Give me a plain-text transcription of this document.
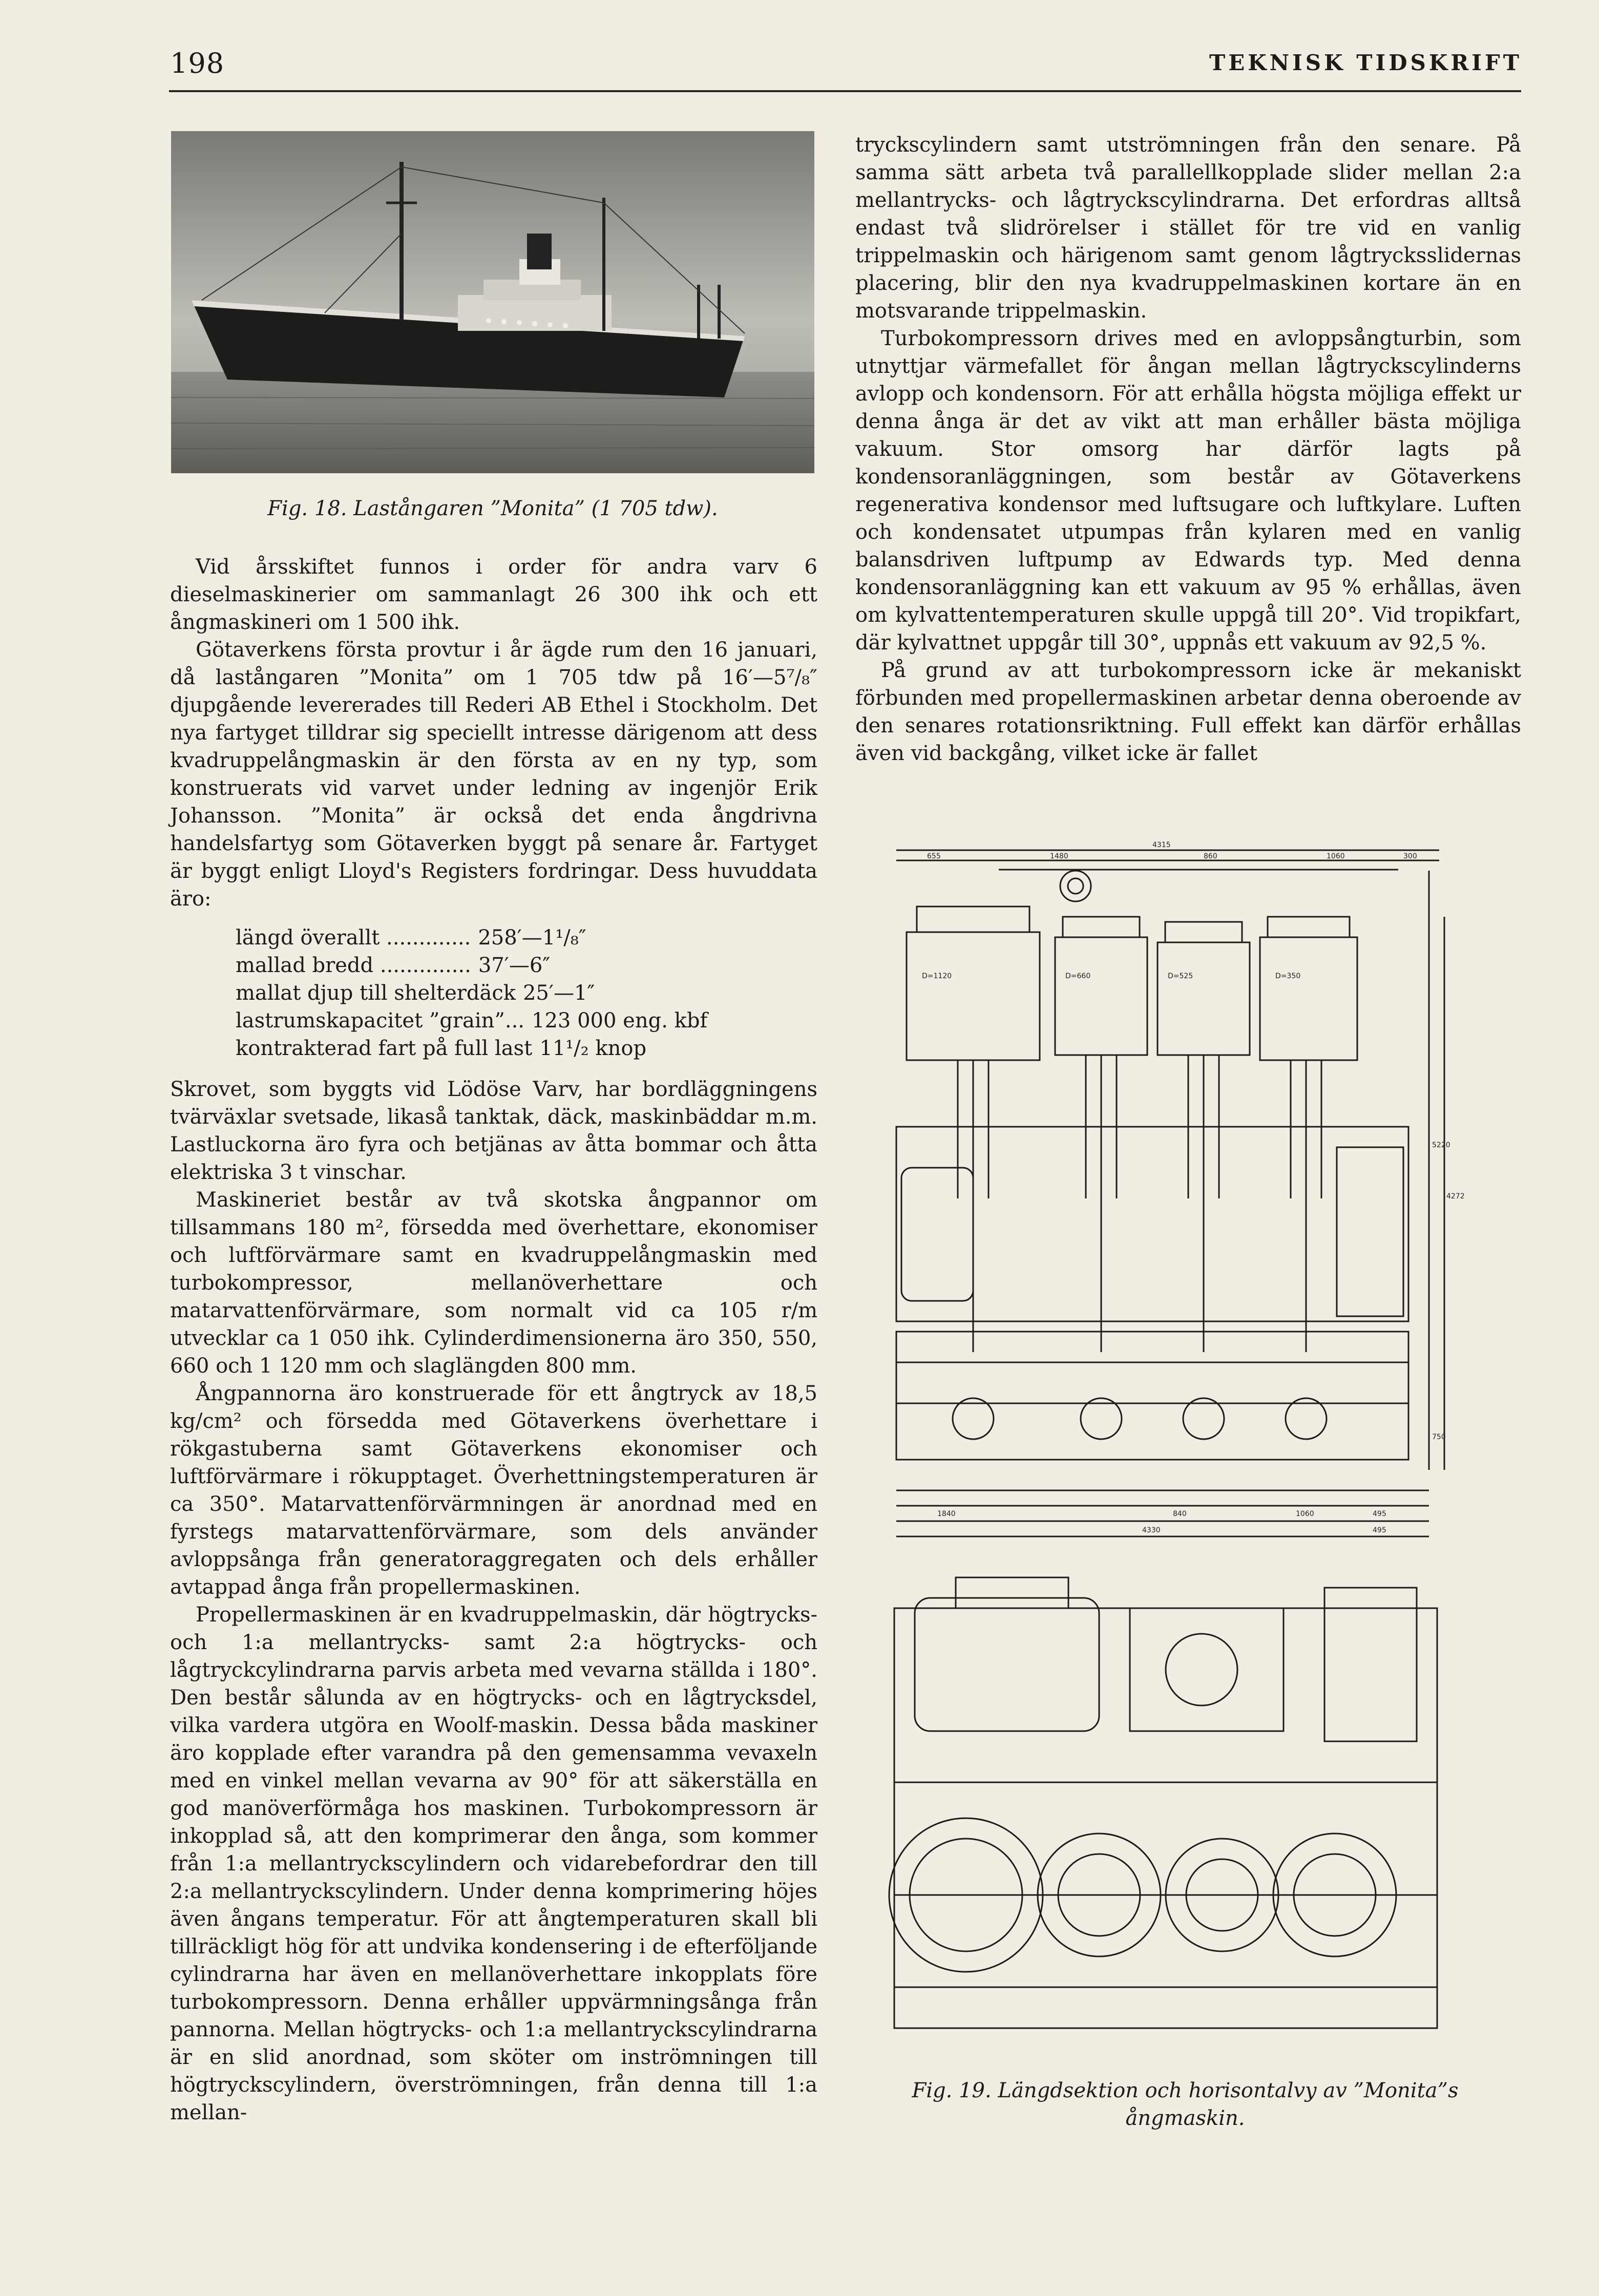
198	TEKNISK TIDSKRIFT
Fig. 18. Lastångaren ”Monita” (1 705 tdw).

Vid årsskiftet funnos i order för andra varv 6 dieselmaskinerier om sammanlagt 26 300 ihk och ett ångmaskineri om 1 500 ihk.

Götaverkens första provtur i år ägde rum den 16 januari, då lastångaren ”Monita” om 1 705 tdw på 16′—5⁷/₈″ djupgående levererades till Rederi AB Ethel i Stockholm. Det nya fartyget tilldrar sig speciellt intresse därigenom att dess kvadruppelångmaskin är den första av en ny typ, som konstruerats vid varvet under ledning av ingenjör Erik Johansson. ”Monita” är också det enda ångdrivna handelsfartyg som Götaverken byggt på senare år. Fartyget är byggt enligt Lloyd's Registers fordringar. Dess huvuddata äro:

längd överallt ............. 258′—1¹/₈″
mallad bredd .............. 37′—6″
mallat djup till shelterdäck 25′—1″
lastrumskapacitet ”grain”... 123 000 eng. kbf
kontrakterad fart på full last 11¹/₂ knop

Skrovet, som byggts vid Lödöse Varv, har bordläggningens tvärväxlar svetsade, likaså tanktak, däck, maskinbäddar m.m. Lastluckorna äro fyra och betjänas av åtta bommar och åtta elektriska 3 t vinschar.

Maskineriet består av två skotska ångpannor om tillsammans 180 m², försedda med överhettare, ekonomiser och luftförvärmare samt en kvadruppelångmaskin med turbokompressor, mellanöverhettare och matarvattenförvärmare, som normalt vid ca 105 r/m utvecklar ca 1 050 ihk. Cylinderdimensionerna äro 350, 550, 660 och 1 120 mm och slaglängden 800 mm.

Ångpannorna äro konstruerade för ett ångtryck av 18,5 kg/cm² och försedda med Götaverkens överhettare i rökgastuberna samt Götaverkens ekonomiser och luftförvärmare i rökupptaget. Överhettningstemperaturen är ca 350°. Matarvattenförvärmningen är anordnad med en fyrstegs matarvattenförvärmare, som dels använder avloppsånga från generatoraggregaten och dels erhåller avtappad ånga från propellermaskinen.

Propellermaskinen är en kvadruppelmaskin, där högtrycks- och 1:a mellantrycks- samt 2:a högtrycks- och lågtryckcylindrarna parvis arbeta med vevarna ställda i 180°. Den består sålunda av en högtrycks- och en lågtrycksdel, vilka vardera utgöra en Woolf-maskin. Dessa båda maskiner äro kopplade efter varandra på den gemensamma vevaxeln med en vinkel mellan vevarna av 90° för att säkerställa en god manöverförmåga hos maskinen. Turbokompressorn är inkopplad så, att den komprimerar den ånga, som kommer från 1:a mellantryckscylindern och vidarebefordrar den till 2:a mellantryckscylindern. Under denna komprimering höjes även ångans temperatur. För att ångtemperaturen skall bli tillräckligt hög för att undvika kondensering i de efterföljande cylindrarna har även en mellanöverhettare inkopplats före turbokompressorn. Denna erhåller uppvärmningsånga från pannorna. Mellan högtrycks- och 1:a mellantryckscylindrarna är en slid anordnad, som sköter om inströmningen till högtryckscylindern, överströmningen, från denna till 1:a mellan-

tryckscylindern samt utströmningen från den senare. På samma sätt arbeta två parallellkopplade slider mellan 2:a mellantrycks- och lågtryckscylindrarna. Det erfordras alltså endast två slidrörelser i stället för tre vid en vanlig trippelmaskin och härigenom samt genom lågtrycksslidernas placering, blir den nya kvadruppelmaskinen kortare än en motsvarande trippelmaskin.

Turbokompressorn drives med en avloppsångturbin, som utnyttjar värmefallet för ångan mellan lågtryckscylinderns avlopp och kondensorn. För att erhålla högsta möjliga effekt ur denna ånga är det av vikt att man erhåller bästa möjliga vakuum. Stor omsorg har därför lagts på kondensoranläggningen, som består av Götaverkens regenerativa kondensor med luftsugare och luftkylare. Luften och kondensatet utpumpas från kylaren med en vanlig balansdriven luftpump av Edwards typ. Med denna kondensoranläggning kan ett vakuum av 95 % erhållas, även om kylvattentemperaturen skulle uppgå till 20°. Vid tropikfart, där kylvattnet uppgår till 30°, uppnås ett vakuum av 92,5 %.

På grund av att turbokompressorn icke är mekaniskt förbunden med propellermaskinen arbetar denna oberoende av den senares rotationsriktning. Full effekt kan därför erhållas även vid backgång, vilket icke är fallet

4315
655	1480	860	1060	300
D=1120	D=660	D=525	D=350
5220
4272
750
1840	840	1060	495
495
4330
Fig. 19. Längdsektion och horisontalvy av ”Monita”s ångmaskin.
